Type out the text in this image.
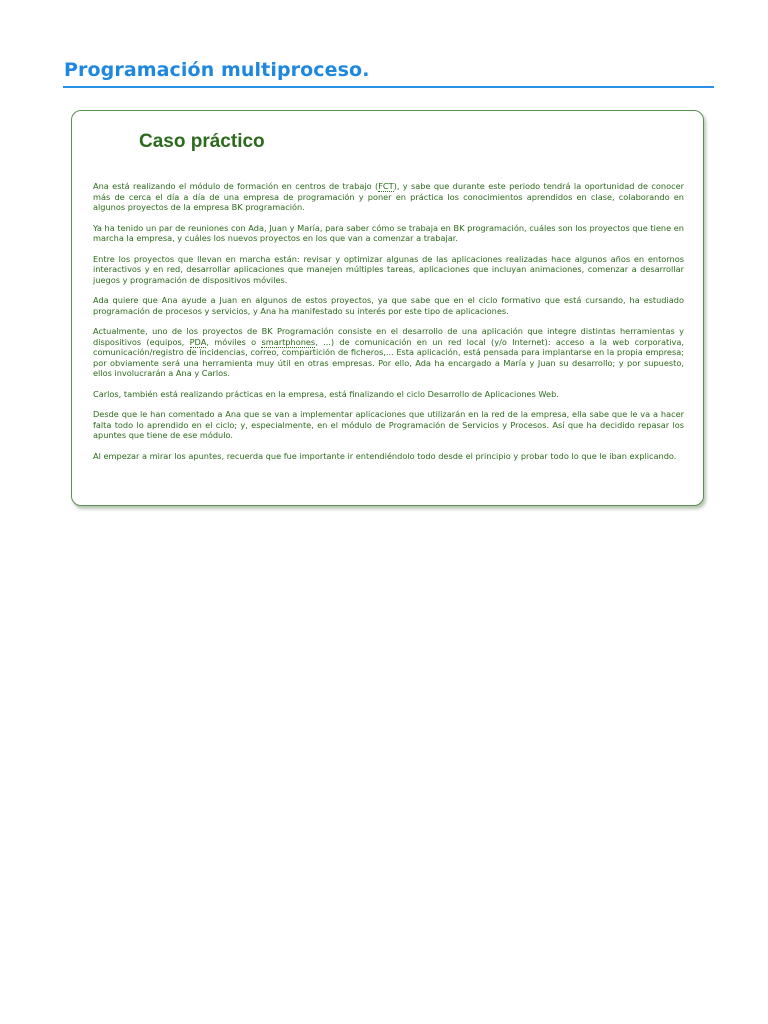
Programación multiproceso.
Caso práctico

Ana está realizando el módulo de formación en centros de trabajo (FCT), y sabe que durante este periodo tendrá la oportunidad de conocer más de cerca el día a día de una empresa de programación y poner en práctica los conocimientos aprendidos en clase, colaborando en algunos proyectos de la empresa BK programación.

Ya ha tenido un par de reuniones con Ada, Juan y María, para saber cómo se trabaja en BK programación, cuáles son los proyectos que tiene en marcha la empresa, y cuáles los nuevos proyectos en los que van a comenzar a trabajar.

Entre los proyectos que llevan en marcha están: revisar y optimizar algunas de las aplicaciones realizadas hace algunos años en entornos interactivos y en red, desarrollar aplicaciones que manejen múltiples tareas, aplicaciones que incluyan animaciones, comenzar a desarrollar juegos y programación de dispositivos móviles.

Ada quiere que Ana ayude a Juan en algunos de estos proyectos, ya que sabe que en el ciclo formativo que está cursando, ha estudiado programación de procesos y servicios, y Ana ha manifestado su interés por este tipo de aplicaciones.

Actualmente, uno de los proyectos de BK Programación consiste en el desarrollo de una aplicación que integre distintas herramientas y dispositivos (equipos, PDA, móviles o smartphones, ...) de comunicación en un red local (y/o Internet): acceso a la web corporativa, comunicación/registro de incidencias, correo, compartición de ficheros,... Esta aplicación, está pensada para implantarse en la propia empresa; por obviamente será una herramienta muy útil en otras empresas. Por ello, Ada ha encargado a María y Juan su desarrollo; y por supuesto, ellos involucrarán a Ana y Carlos.

Carlos, también está realizando prácticas en la empresa, está finalizando el ciclo Desarrollo de Aplicaciones Web.

Desde que le han comentado a Ana que se van a implementar aplicaciones que utilizarán en la red de la empresa, ella sabe que le va a hacer falta todo lo aprendido en el ciclo; y, especialmente, en el módulo de Programación de Servicios y Procesos. Así que ha decidido repasar los apuntes que tiene de ese módulo.

Al empezar a mirar los apuntes, recuerda que fue importante ir entendiéndolo todo desde el principio y probar todo lo que le iban explicando.
